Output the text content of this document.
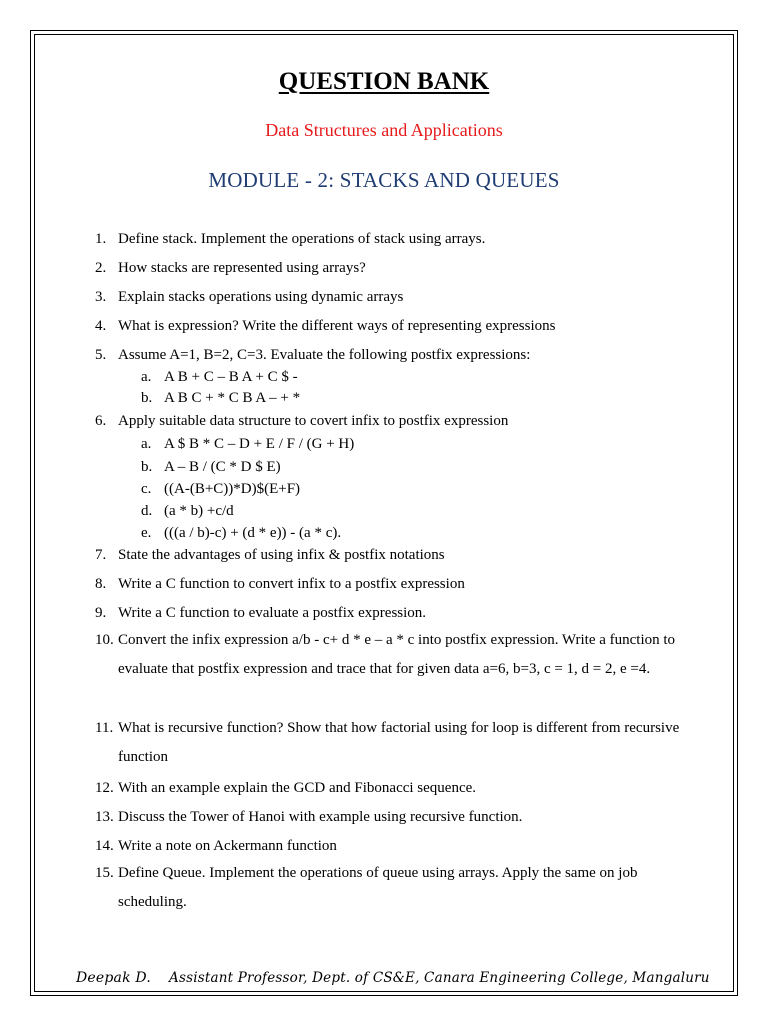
QUESTION BANK
Data Structures and Applications
MODULE - 2: STACKS AND QUEUES
1. Define stack. Implement the operations of stack using arrays.
2. How stacks are represented using arrays?
3. Explain stacks operations using dynamic arrays
4. What is expression? Write the different ways of representing expressions
5. Assume A=1, B=2, C=3. Evaluate the following postfix expressions:
a. A B + C – B A + C $ -
b. A B C + * C B A – + *
6. Apply suitable data structure to covert infix to postfix expression
a. A $ B * C – D + E / F / (G + H)
b. A – B / (C * D $ E)
c. ((A-(B+C))*D)$(E+F)
d. (a * b) +c/d
e. (((a / b)-c) + (d * e)) - (a * c).
7. State the advantages of using infix & postfix notations
8. Write a C function to convert infix to a postfix expression
9. Write a C function to evaluate a postfix expression.
10. Convert the infix expression a/b - c+ d * e – a * c into postfix expression. Write a function to evaluate that postfix expression and trace that for given data a=6, b=3, c = 1, d = 2, e =4.
11. What is recursive function? Show that how factorial using for loop is different from recursive function
12. With an example explain the GCD and Fibonacci sequence.
13. Discuss the Tower of Hanoi with example using recursive function.
14. Write a note on Ackermann function
15. Define Queue. Implement the operations of queue using arrays. Apply the same on job scheduling.
Deepak D. Assistant Professor, Dept. of CS&E, Canara Engineering College, Mangaluru
